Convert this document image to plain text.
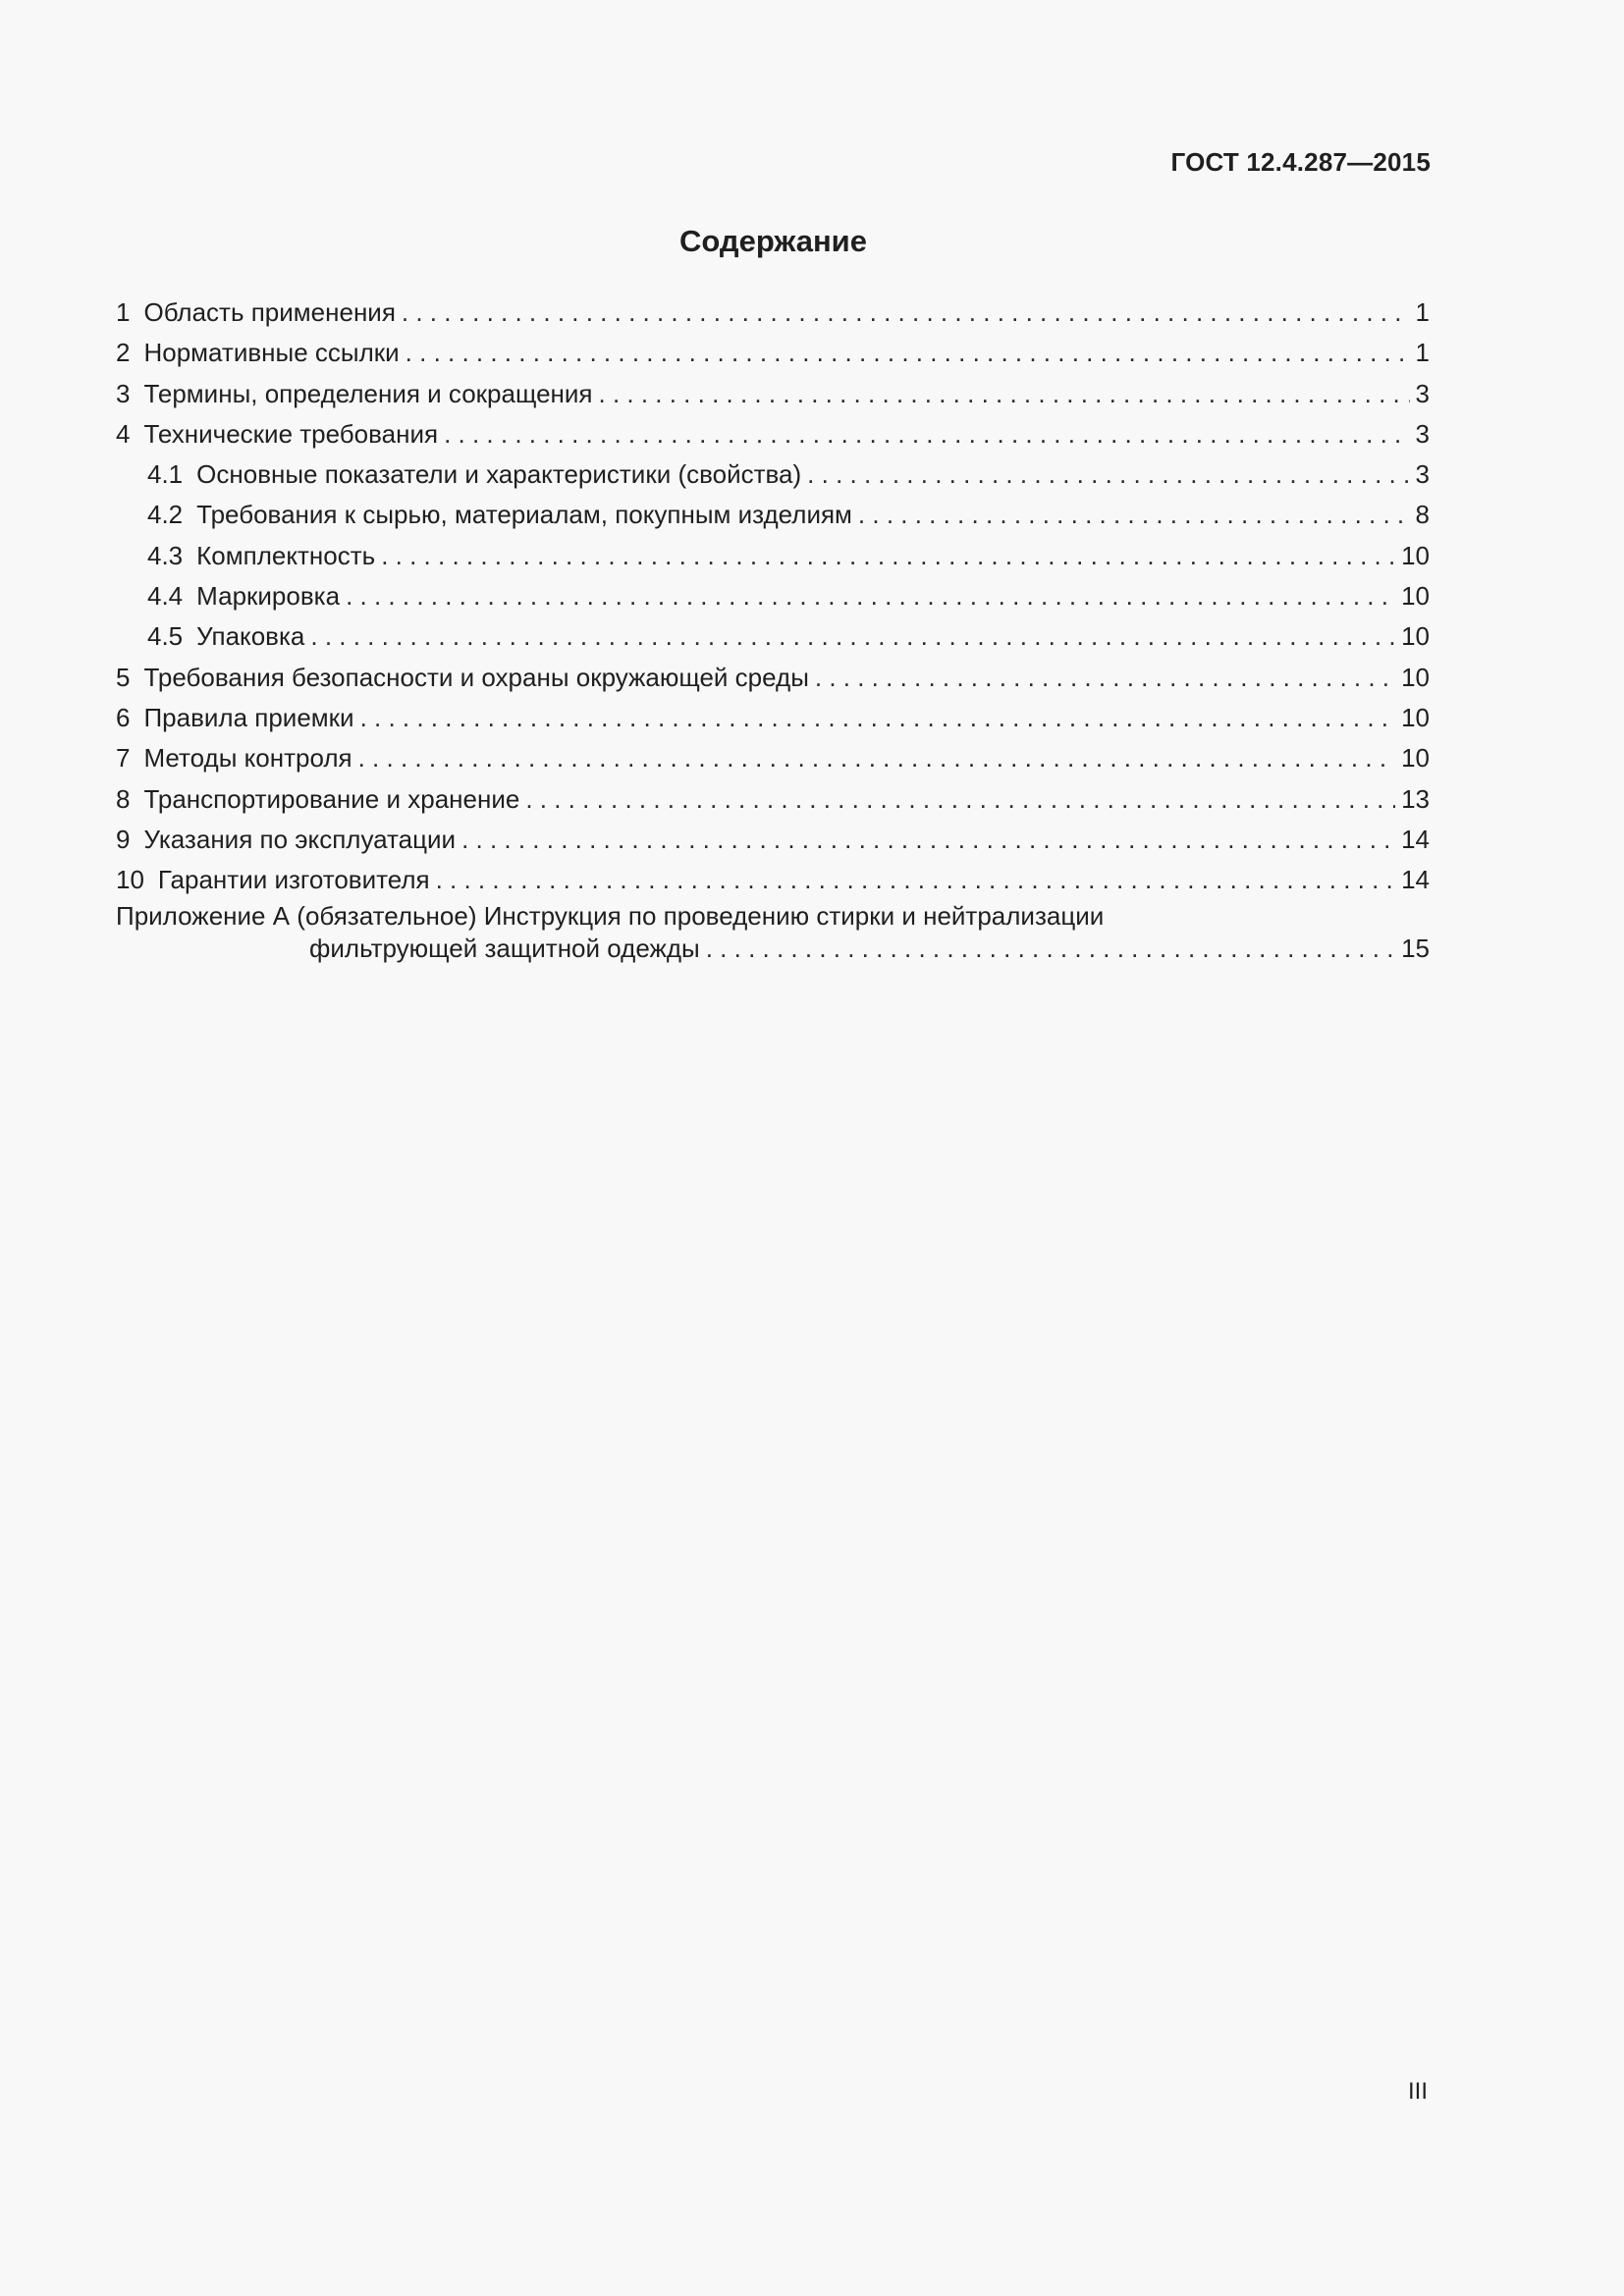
ГОСТ 12.4.287—2015
Содержание
1 Область применения . . .	1
2 Нормативные ссылки . . .	1
3 Термины, определения и сокращения . . .	3
4 Технические требования . . .	3
4.1 Основные показатели и характеристики (свойства) . . .	3
4.2 Требования к сырью, материалам, покупным изделиям . . .	8
4.3 Комплектность . . .	10
4.4 Маркировка . . .	10
4.5 Упаковка . . .	10
5 Требования безопасности и охраны окружающей среды . . .	10
6 Правила приемки . . .	10
7 Методы контроля . . .	10
8 Транспортирование и хранение . . .	13
9 Указания по эксплуатации . . .	14
10 Гарантии изготовителя . . .	14
Приложение А (обязательное) Инструкция по проведению стирки и нейтрализации
фильтрующей защитной одежды . . .	15
III
